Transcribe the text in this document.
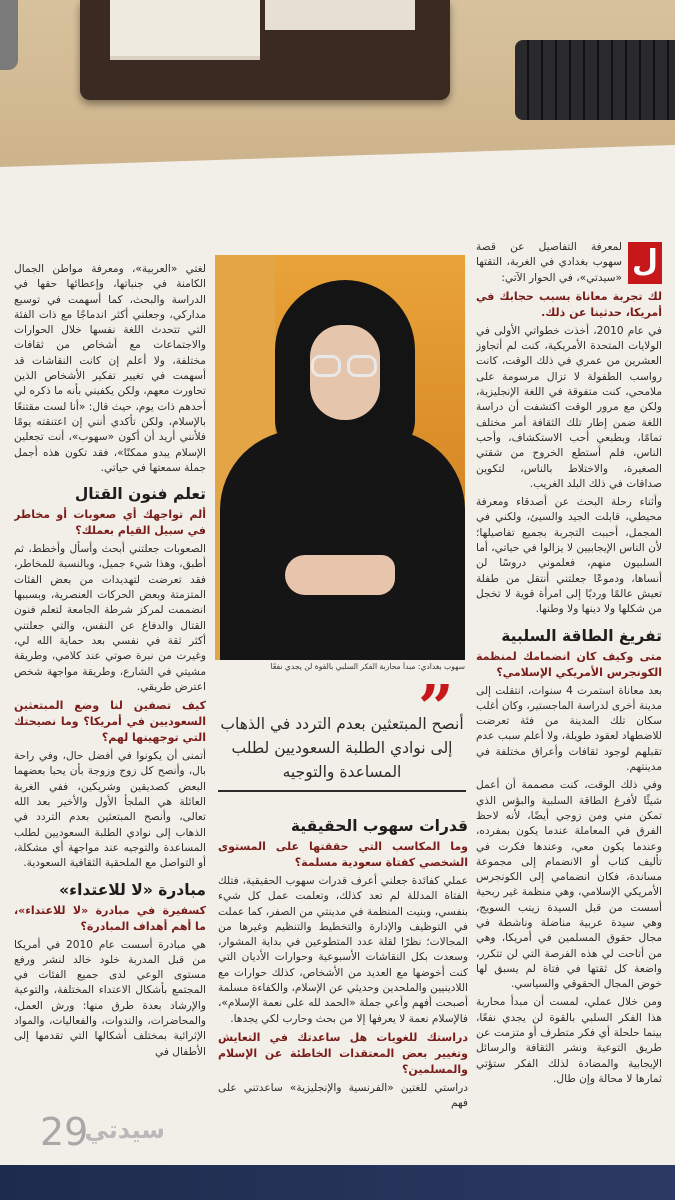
ل
لمعرفة التفاصيل عن قصة سهوب بغدادي في الغربة، التقتها «سيدتي»، في الحوار الآتي:

لك تجربة معاناة بسبب حجابك في أمريكا، حدثينا عن ذلك.

في عام 2010، أخذت خطواتي الأولى في الولايات المتحدة الأمريكية، كنت لم أتجاوز العشرين من عمري في ذلك الوقت، كانت رواسب الطفولة لا تزال مرسومة على ملامحي، كنت متفوقة في اللغة الإنجليزية، ولكن مع مرور الوقت اكتشفت أن دراسة اللغة ضمن إطار تلك الثقافة أمر مختلف تمامًا، وبطبعي أحب الاستكشاف، وأحب الناس، فلم أستطع الخروج من شقتي الصغيرة، والاختلاط بالناس، لتكوين صداقات في ذلك البلد الغريب.

وأثناء رحلة البحث عن أصدقاء ومعرفة محيطي، قابلت الجيد والسيئ، ولكني في المجمل، أحببت التجربة بجميع تفاصيلها؛ لأن الناس الإيجابيين لا يزالوا في حياتي، أما السلبيون منهم، فعلموني دروسًا لن أنساها، ودموعًا جعلتني أنتقل من طفلة تعيش عالمًا ورديًا إلى امرأة قوية لا تخجل من شكلها ولا دينها ولا وطنها.

تفريغ الطاقة السلبية
متى وكيف كان انضمامك لمنظمة الكونجرس الأمريكي الإسلامي؟

بعد معاناة استمرت 4 سنوات، انتقلت إلى مدينة أخرى لدراسة الماجستير، وكان أغلب سكان تلك المدينة من فئة تعرضت للاضطهاد لعقود طويلة، ولا أعلم سبب عدم تقبلهم لوجود ثقافات وأعراق مختلفة في مدينتهم.

وفي ذلك الوقت، كنت مصممة أن أعمل شيئًا لأفرغ الطاقة السلبية والبؤس الذي تمكن مني ومن زوجي أيضًا، لأنه لاحظ الفرق في المعاملة عندما يكون بمفرده، وعندما يكون معي، وعندها فكرت في تأليف كتاب أو الانضمام إلى مجموعة مساندة، فكان انضمامي إلى الكونجرس الأمريكي الإسلامي، وهي منظمة غير ربحية أسست من قبل السيدة زينب السويج، وهي سيدة عربية مناضلة وناشطة في مجال حقوق المسلمين في أمريكا، وهي من أتاحت لي هذه الفرصة التي لن تتكرر، واضعة كل ثقتها في فتاة لم يسبق لها خوض المجال الحقوقي والسياسي.

ومن خلال عملي، لمست أن مبدأ محاربة هذا الفكر السلبي بالقوة لن يجدي نفعًا، بينما حلحلة أي فكر متطرف أو متزمت عن طريق التوعية ونشر الثقافة والرسائل الإيجابية والمضادة لذلك الفكر ستؤتي ثمارها لا محالة وإن طال.

سهوب بغدادي: مبدأ محاربة الفكر السلبي بالقوة لن يجدي نفعًا
”
أنصح المبتعثين بعدم التردد في الذهاب إلى نوادي الطلبة السعوديين لطلب المساعدة والتوجيه
قدرات سهوب الحقيقية
وما المكاسب التي حققتها على المستوى الشخصي كفتاة سعودية مسلمة؟

عملي كفائدة جعلني أعرف قدرات سهوب الحقيقية، فتلك الفتاة المدللة لم تعد كذلك، وتعلمت عمل كل شيء بنفسي، وبنيت المنظمة في مدينتي من الصفر، كما عملت في التوظيف والإدارة والتخطيط والتنظيم وغيرها من المجالات؛ نظرًا لقلة عدد المتطوعين في بداية المشوار، وسعدت بكل النقاشات الأسبوعية وحوارات الأديان التي كنت أخوضها مع العديد من الأشخاص، كذلك حوارات مع اللادينيين والملحدين وحديثي عن الإسلام، والكفاءة مسلمة أصبحت أفهم وأعي جملة «الحمد لله على نعمة الإسلام»، فالإسلام نعمة لا يعرفها إلا من بحث وحارب لكي يجدها.

دراستك للغويات هل ساعدتك في التعايش وتغيير بعض المعتقدات الخاطئة عن الإسلام والمسلمين؟

دراستي للغتين «الفرنسية والإنجليزية» ساعدتني على فهم

لغتي «العربية»، ومعرفة مواطن الجمال الكامنة في جنباتها، وإعطائها حقها في الدراسة والبحث، كما أسهمت في توسيع مداركي، وجعلني أكثر اندماجًا مع ذات الفئة التي تتحدث اللغة نفسها خلال الحوارات والاجتماعات مع أشخاص من ثقافات مختلفة، ولا أعلم إن كانت النقاشات قد أسهمت في تغيير تفكير الأشخاص الذين تحاورت معهم، ولكن يكفيني بأنه ما ذكره لي أحدهم ذات يوم، حيث قال: «أنا لست مقتنعًا بالإسلام، ولكن تأكدي أنني إن اعتنقته يومًا فلأنني أريد أن أكون «سهوب»، أنت تجعلين الإسلام يبدو ممكنًا»، فقد تكون هذه أجمل جملة سمعتها في حياتي.

تعلم فنون القتال
ألم تواجهك أي صعوبات أو مخاطر في سبيل القيام بعملك؟

الصعوبات جعلتني أبحث وأسأل وأخطط، ثم أطبق، وهذا شيء جميل، وبالنسبة للمخاطر، فقد تعرضت لتهديدات من بعض الفئات المتزمتة وبعض الحركات العنصرية، وبسببها انضممت لمركز شرطة الجامعة لتعلم فنون القتال والدفاع عن النفس، والتي جعلتني أكثر ثقة في نفسي بعد حماية الله لي، وغيرت من نبرة صوتي عند كلامي، وطريقة مشيتي في الشارع، وطريقة مواجهة شخص اعترض طريقي.

كيف تصفين لنا وضع المبتعثين السعوديين في أمريكا؟ وما نصيحتك التي توجهينها لهم؟

أتمنى أن يكونوا في أفضل حال، وفي راحة بال، وأنصح كل زوج وزوجة بأن يحبا بعضهما البعض كصديقين وشريكين، ففي الغربة العائلة هي الملجأ الأول والأخير بعد الله تعالى، وأنصح المبتعثين بعدم التردد في الذهاب إلى نوادي الطلبة السعوديين لطلب المساعدة والتوجيه عند مواجهة أي مشكلة، أو التواصل مع الملحقية الثقافية السعودية.

مبادرة «لا للاعتداء»
كسفيرة في مبادرة «لا للاعتداء»، ما أهم أهداف المبادرة؟

هي مبادرة أسست عام 2010 في أمريكا من قبل المدربة خلود خالد لنشر ورفع مستوى الوعي لدى جميع الفئات في المجتمع بأشكال الاعتداء المختلفة، والتوعية والإرشاد بعدة طرق منها: ورش العمل، والمحاضرات، والندوات، والفعاليات، والمواد الإثرائية بمختلف أشكالها التي تقدمها إلى الأطفال في

29
سيدتي
